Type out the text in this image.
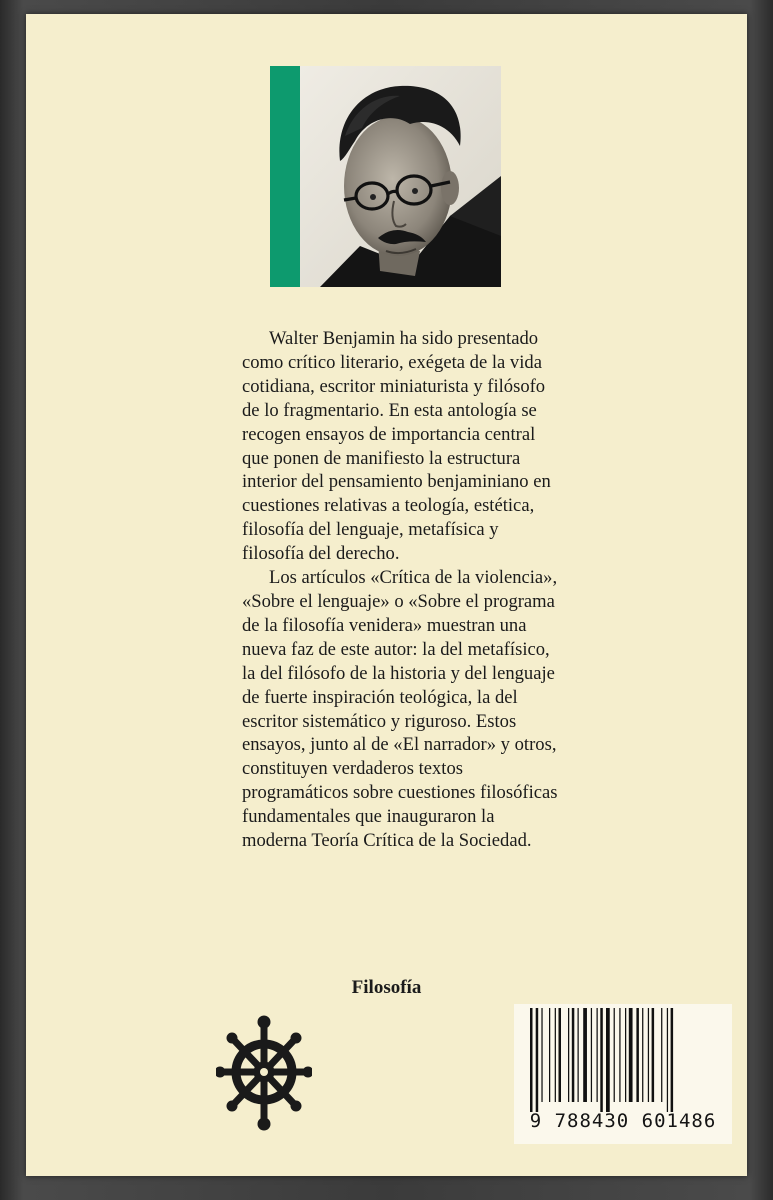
Walter Benjamin ha sido presentado como crítico literario, exégeta de la vida cotidiana, escritor miniaturista y filósofo de lo fragmentario. En esta antología se recogen ensayos de importancia central que ponen de manifiesto la estructura interior del pensamiento benjaminiano en cuestiones relativas a teología, estética, filosofía del lenguaje, metafísica y filosofía del derecho.

Los artículos «Crítica de la violencia», «Sobre el lenguaje» o «Sobre el programa de la filosofía venidera» muestran una nueva faz de este autor: la del metafísico, la del filósofo de la historia y del lenguaje de fuerte inspiración teológica, la del escritor sistemático y riguroso. Estos ensayos, junto al de «El narrador» y otros, constituyen verdaderos textos programáticos sobre cuestiones filosóficas fundamentales que inauguraron la moderna Teoría Crítica de la Sociedad.

Filosofía
9 788430 601486
